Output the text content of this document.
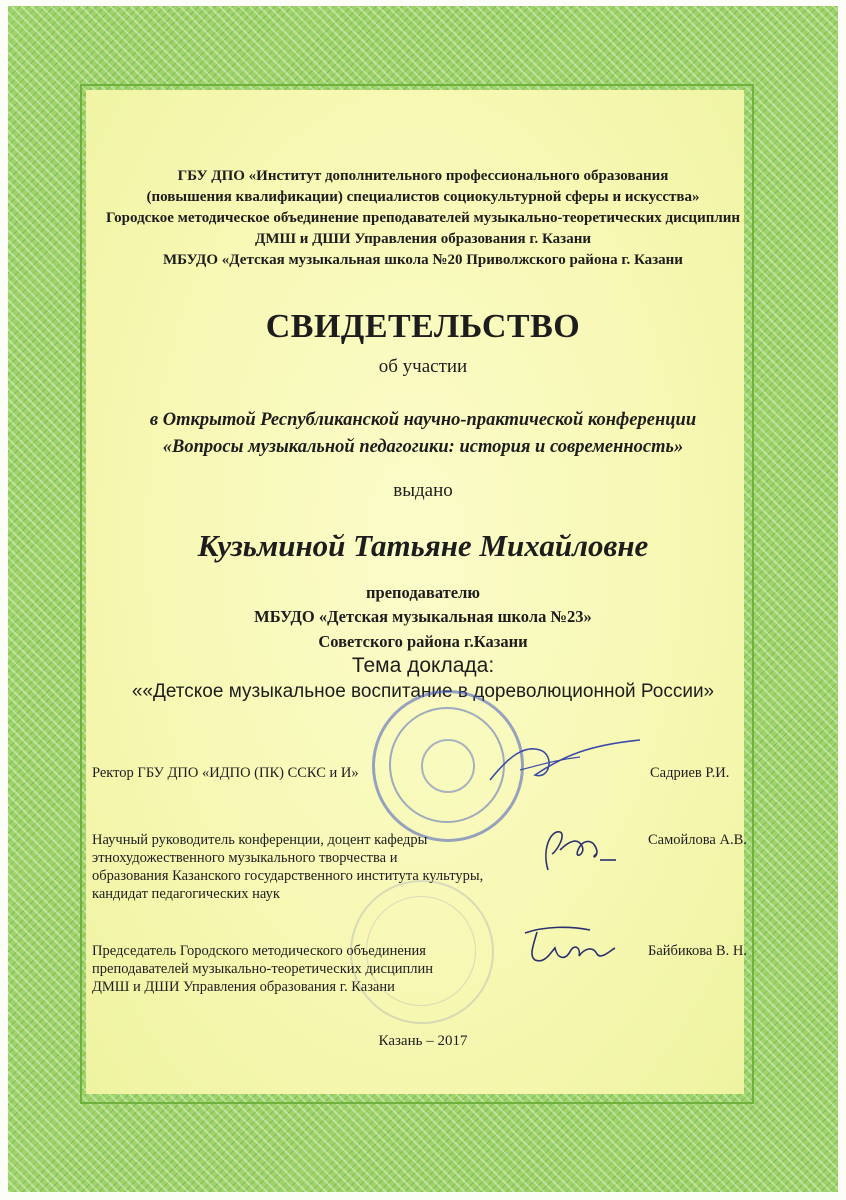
ГБУ ДПО «Институт дополнительного профессионального образования
(повышения квалификации) специалистов социокультурной сферы и искусства»
Городское методическое объединение преподавателей музыкально-теоретических дисциплин
ДМШ и ДШИ Управления образования г. Казани
МБУДО «Детская музыкальная школа №20 Приволжского района г. Казани
СВИДЕТЕЛЬСТВО
об участии
в Открытой Республиканской научно-практической конференции
«Вопросы музыкальной педагогики: история и современность»
выдано
Кузьминой Татьяне Михайловне
преподавателю
МБУДО «Детская музыкальная школа №23»
Советского района г.Казани
Тема доклада:
««Детское музыкальное воспитание в дореволюционной России»
Ректор ГБУ ДПО «ИДПО (ПК) ССКС и И»	Садриев Р.И.
Научный руководитель конференции, доцент кафедры
этнохудожественного музыкального творчества и
образования Казанского государственного института культуры,
кандидат педагогических наук
Самойлова А.В.
Председатель Городского методического объединения
преподавателей музыкально-теоретических дисциплин
ДМШ и ДШИ Управления образования г. Казани
Байбикова В. Н.
Казань – 2017
